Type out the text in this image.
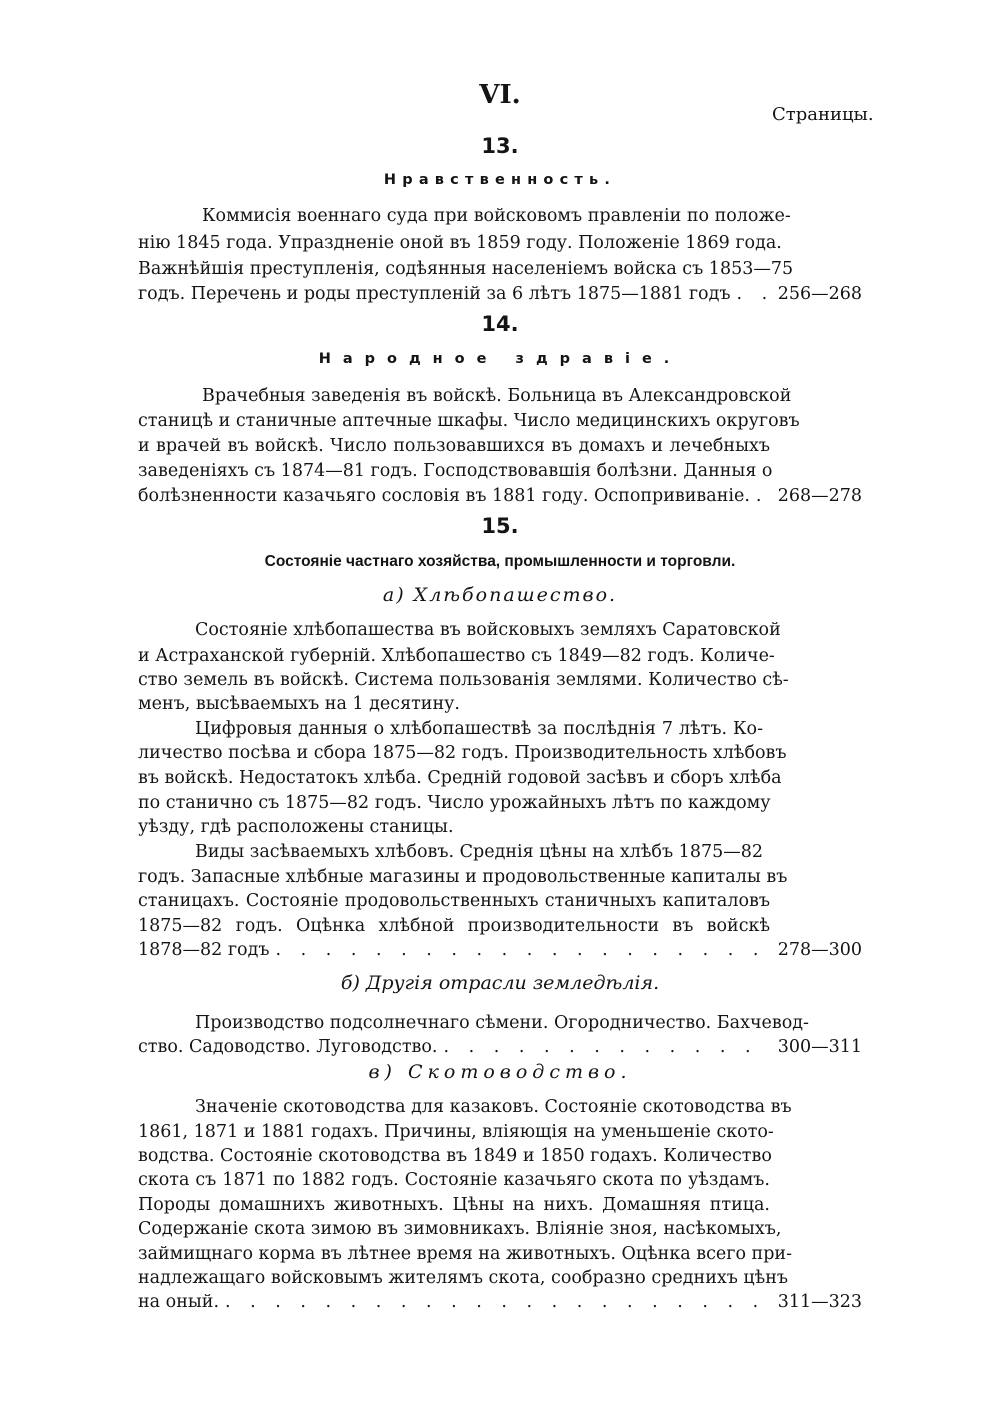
VI.
Страницы.
13.
Нравственность.
Коммисія военнаго суда при войсковомъ правленіи по положе-
нію 1845 года. Упраздненіе оной въ 1859 году. Положеніе 1869 года.
Важнѣйшія преступленія, содѣянныя населеніемъ войска съ 1853—75
годъ. Перечень и роды преступленій за 6 лѣтъ 1875—1881 годъ . . .	256—268
14.
Народное здравіе.
Врачебныя заведенія въ войскѣ. Больница въ Александровской
станицѣ и станичные аптечные шкафы. Число медицинскихъ округовъ
и врачей въ войскѣ. Число пользовавшихся въ домахъ и лечебныхъ
заведеніяхъ съ 1874—81 годъ. Господствовавшія болѣзни. Данныя о
болѣзненности казачьяго сословія въ 1881 году. Оспопрививаніе. . . .	268—278
15.
Состояніе частнаго хозяйства, промышленности и торговли.
а) Хлѣбопашество.
Состояніе хлѣбопашества въ войсковыхъ земляхъ Саратовской
и Астраханской губерній. Хлѣбопашество съ 1849—82 годъ. Количе-
ство земель въ войскѣ. Система пользованія землями. Количество сѣ-
менъ, высѣваемыхъ на 1 десятину.
Цифровыя данныя о хлѣбопашествѣ за послѣднія 7 лѣтъ. Ко-
личество посѣва и сбора 1875—82 годъ. Производительность хлѣбовъ
въ войскѣ. Недостатокъ хлѣба. Средній годовой засѣвъ и сборъ хлѣба
по станично съ 1875—82 годъ. Число урожайныхъ лѣтъ по каждому
уѣзду, гдѣ расположены станицы.
Виды засѣваемыхъ хлѣбовъ. Среднія цѣны на хлѣбъ 1875—82
годъ. Запасные хлѣбные магазины и продовольственные капиталы въ
станицахъ. Состояніе продовольственныхъ станичныхъ капиталовъ
1875—82 годъ. Оцѣнка хлѣбной производительности въ войскѣ
1878—82 годъ . . .	278—300
б) Другія отрасли земледѣлія.
Производство подсолнечнаго сѣмени. Огородничество. Бахчевод-
ство. Садоводство. Луговодство. . . .	300—311
в) Скотоводство.
Значеніе скотоводства для казаковъ. Состояніе скотоводства въ
1861, 1871 и 1881 годахъ. Причины, вліяющія на уменьшеніе ското-
водства. Состояніе скотоводства въ 1849 и 1850 годахъ. Количество
скота съ 1871 по 1882 годъ. Состояніе казачьяго скота по уѣздамъ.
Породы домашнихъ животныхъ. Цѣны на нихъ. Домашняя птица.
Содержаніе скота зимою въ зимовникахъ. Вліяніе зноя, насѣкомыхъ,
займищнаго корма въ лѣтнее время на животныхъ. Оцѣнка всего при-
надлежащаго войсковымъ жителямъ скота, сообразно среднихъ цѣнъ
на оный. . . .	311—323
